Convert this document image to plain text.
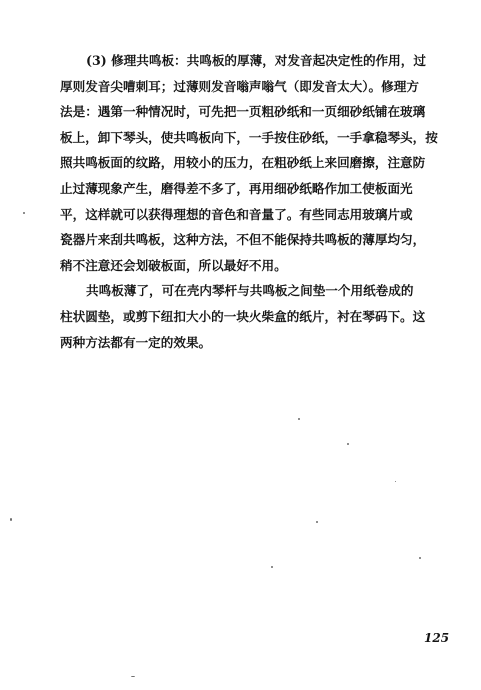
(3) 修理共鸣板：共鸣板的厚薄，对发音起决定性的作用，过
厚则发音尖嘈刺耳；过薄则发音嗡声嗡气（即发音太大）。修理方
法是：遇第一种情况时，可先把一页粗砂纸和一页细砂纸铺在玻璃
板上，卸下琴头，使共鸣板向下，一手按住砂纸，一手拿稳琴头，按
照共鸣板面的纹路，用较小的压力，在粗砂纸上来回磨擦，注意防
止过薄现象产生，磨得差不多了，再用细砂纸略作加工使板面光
平，这样就可以获得理想的音色和音量了。有些同志用玻璃片或
瓷器片来刮共鸣板，这种方法，不但不能保持共鸣板的薄厚均匀，
稍不注意还会划破板面，所以最好不用。
共鸣板薄了，可在壳内琴杆与共鸣板之间垫一个用纸卷成的
柱状圆垫，或剪下纽扣大小的一块火柴盒的纸片，衬在琴码下。这
两种方法都有一定的效果。
125
